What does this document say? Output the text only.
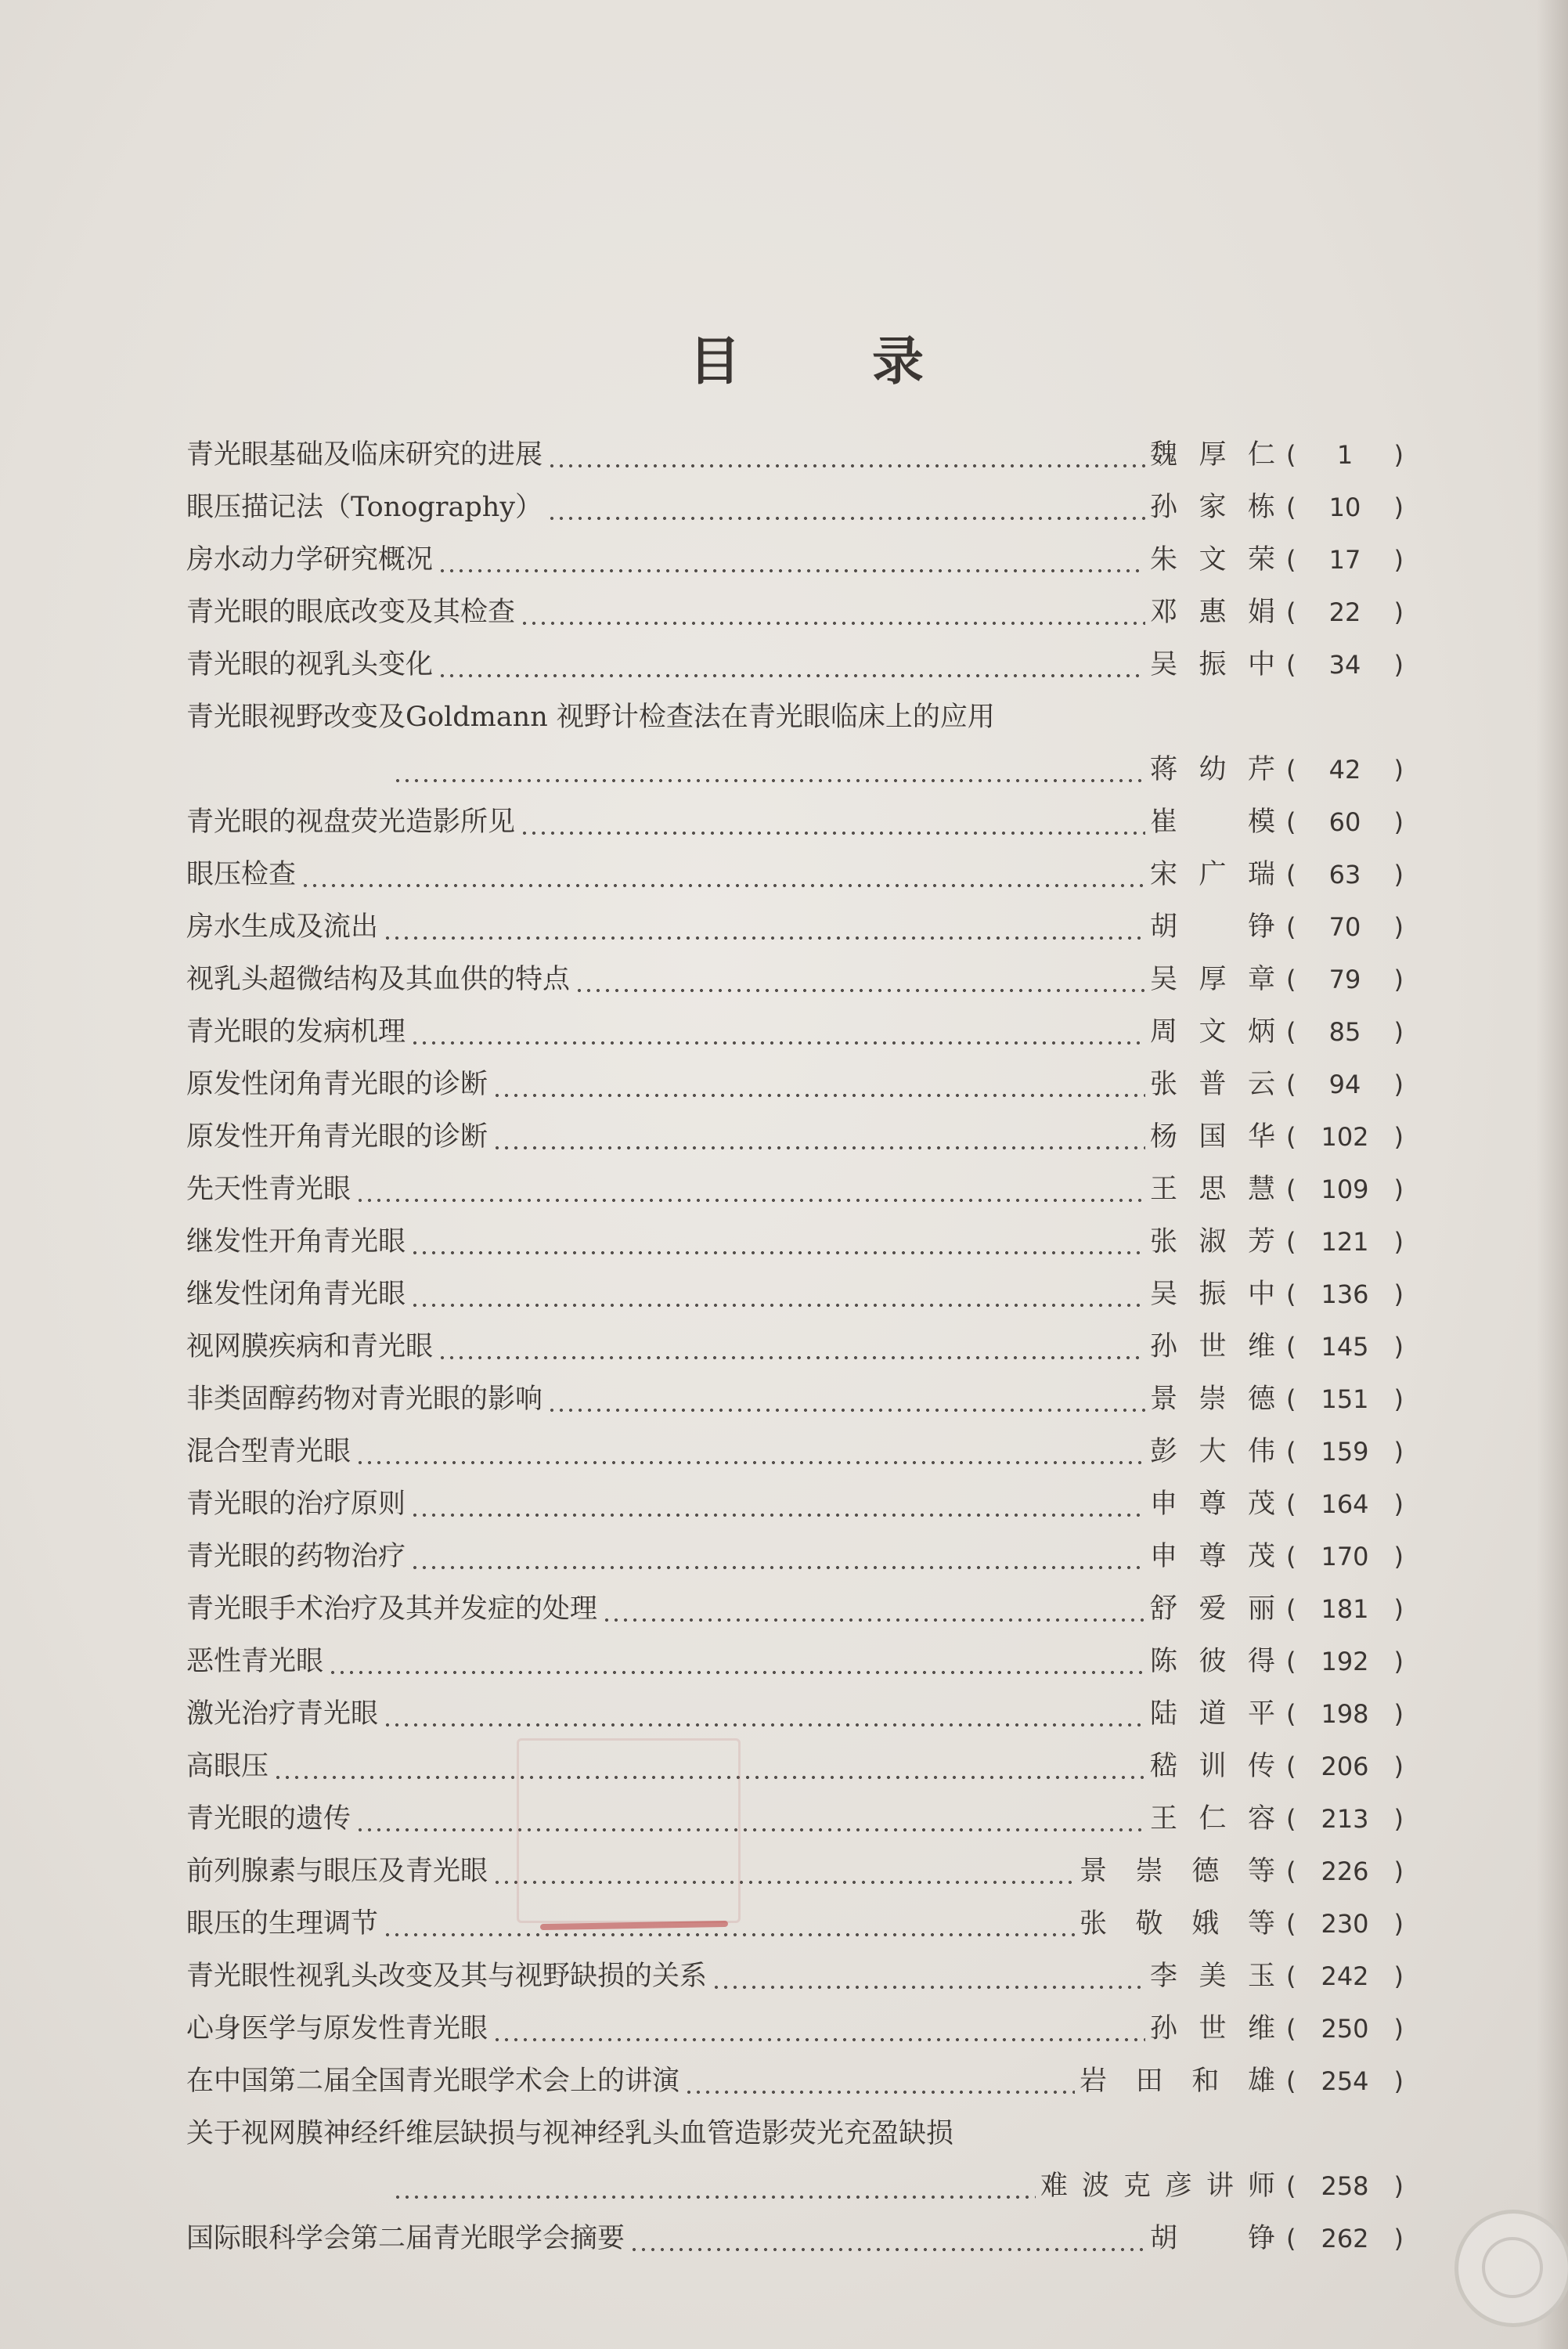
目	录
青光眼基础及临床研究的进展	魏厚仁 ( 1 )
眼压描记法（Tonography）	孙家栋 ( 10 )
房水动力学研究概况	朱文荣 ( 17 )
青光眼的眼底改变及其检查	邓惠娟 ( 22 )
青光眼的视乳头变化	吴振中 ( 34 )
青光眼视野改变及Goldmann 视野计检查法在青光眼临床上的应用
蒋幼芹 ( 42 )
青光眼的视盘荧光造影所见	崔 模 ( 60 )
眼压检查	宋广瑞 ( 63 )
房水生成及流出	胡 铮 ( 70 )
视乳头超微结构及其血供的特点	吴厚章 ( 79 )
青光眼的发病机理	周文炳 ( 85 )
原发性闭角青光眼的诊断	张普云 ( 94 )
原发性开角青光眼的诊断	杨国华 ( 102 )
先天性青光眼	王思慧 ( 109 )
继发性开角青光眼	张淑芳 ( 121 )
继发性闭角青光眼	吴振中 ( 136 )
视网膜疾病和青光眼	孙世维 ( 145 )
非类固醇药物对青光眼的影响	景崇德 ( 151 )
混合型青光眼	彭大伟 ( 159 )
青光眼的治疗原则	申尊茂 ( 164 )
青光眼的药物治疗	申尊茂 ( 170 )
青光眼手术治疗及其并发症的处理	舒爱丽 ( 181 )
恶性青光眼	陈彼得 ( 192 )
激光治疗青光眼	陆道平 ( 198 )
高眼压	嵇训传 ( 206 )
青光眼的遗传	王仁容 ( 213 )
前列腺素与眼压及青光眼	景崇德等 ( 226 )
眼压的生理调节	张敬娥等 ( 230 )
青光眼性视乳头改变及其与视野缺损的关系	李美玉 ( 242 )
心身医学与原发性青光眼	孙世维 ( 250 )
在中国第二届全国青光眼学术会上的讲演	岩田和雄 ( 254 )
关于视网膜神经纤维层缺损与视神经乳头血管造影荧光充盈缺损
难波克彦讲师 ( 258 )
国际眼科学会第二届青光眼学会摘要	胡 铮 ( 262 )
